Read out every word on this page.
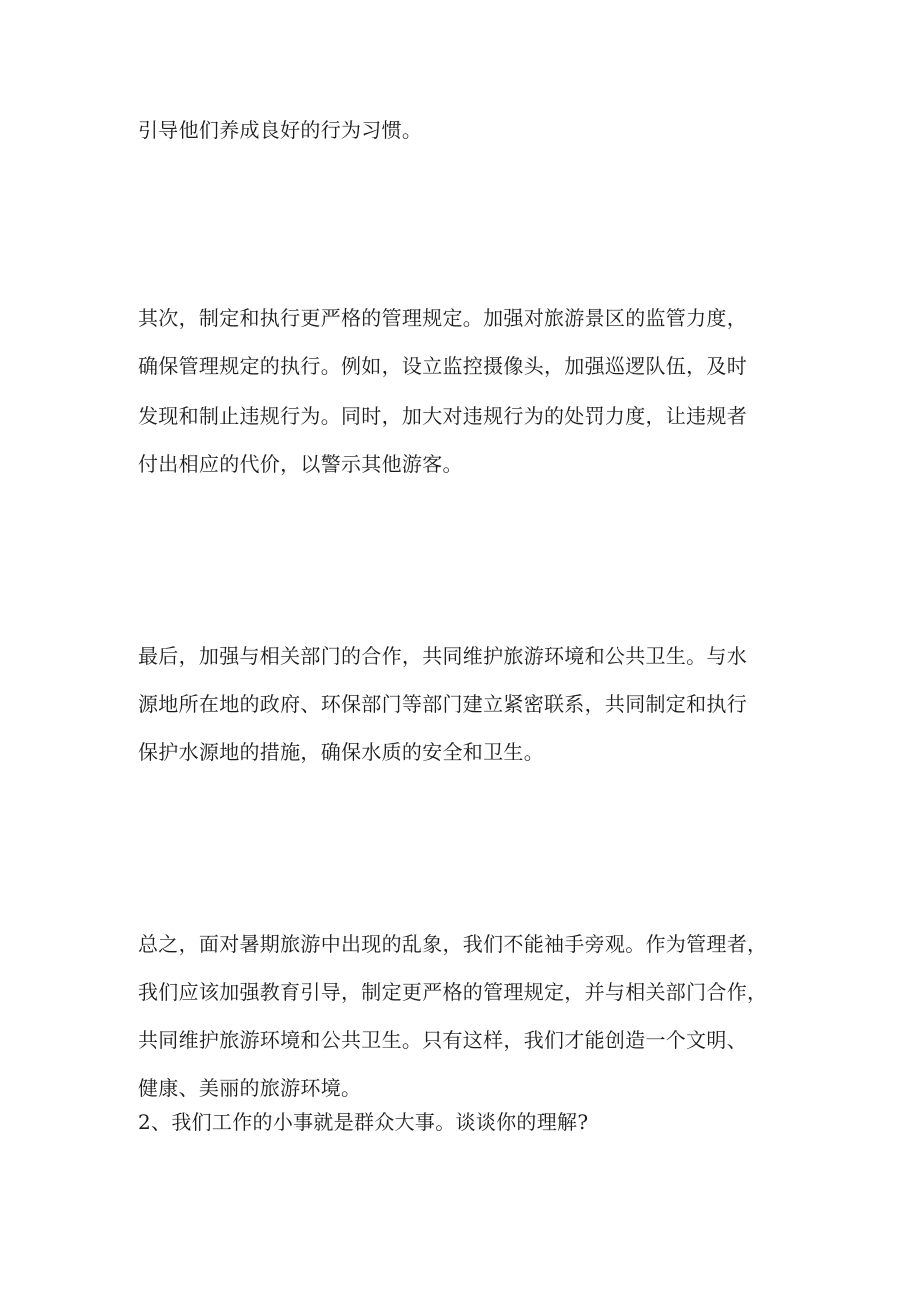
引导他们养成良好的行为习惯。
其次，制定和执行更严格的管理规定。加强对旅游景区的监管力度，
确保管理规定的执行。例如，设立监控摄像头，加强巡逻队伍，及时
发现和制止违规行为。同时，加大对违规行为的处罚力度，让违规者
付出相应的代价，以警示其他游客。
最后，加强与相关部门的合作，共同维护旅游环境和公共卫生。与水
源地所在地的政府、环保部门等部门建立紧密联系，共同制定和执行
保护水源地的措施，确保水质的安全和卫生。
总之，面对暑期旅游中出现的乱象，我们不能袖手旁观。作为管理者，
我们应该加强教育引导，制定更严格的管理规定，并与相关部门合作，
共同维护旅游环境和公共卫生。只有这样，我们才能创造一个文明、
健康、美丽的旅游环境。
2、我们工作的小事就是群众大事。谈谈你的理解?
